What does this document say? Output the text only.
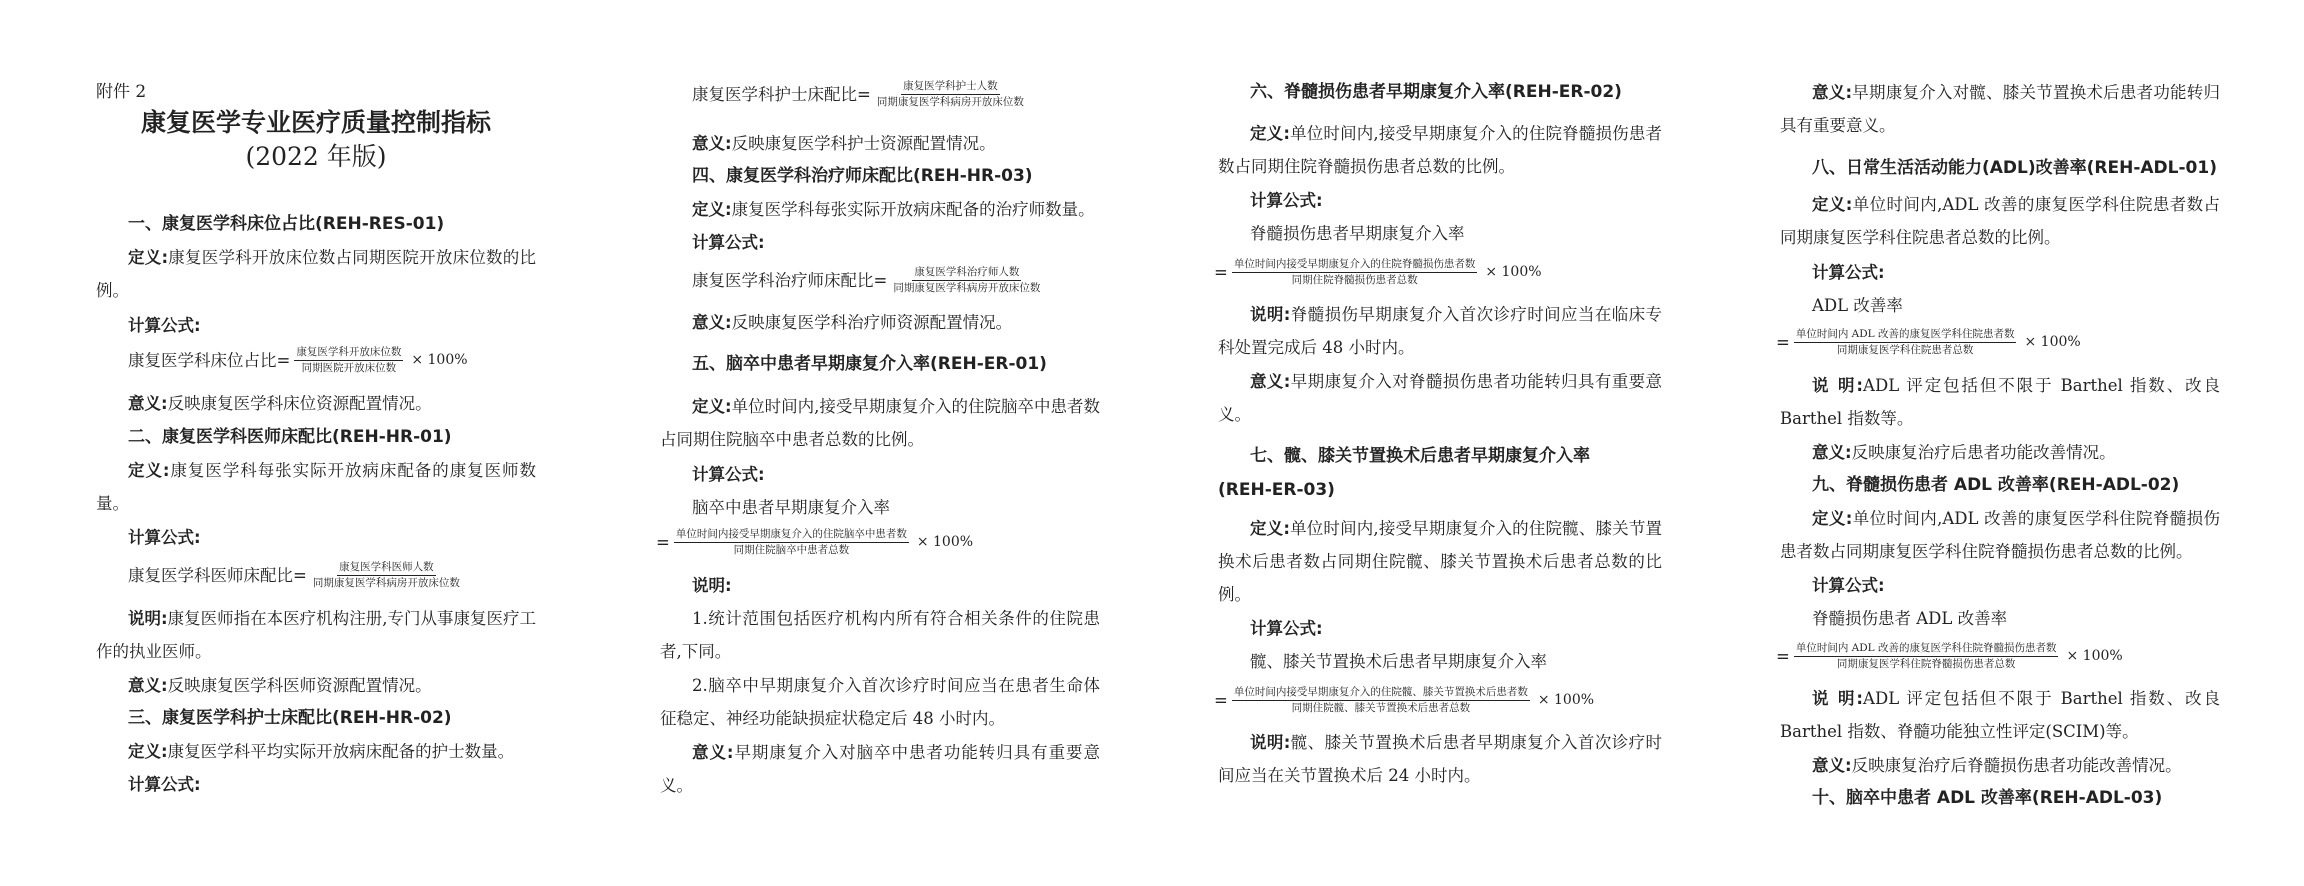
附件 2
康复医学专业医疗质量控制指标
(2022 年版)

一、康复医学科床位占比(REH-RES-01)

定义:康复医学科开放床位数占同期医院开放床位数的比例。

计算公式:

康复医学科床位占比= $\frac{\text{康复医学科开放床位数}}{\text{同期医院开放床位数}} \times 100\%$

意义:反映康复医学科床位资源配置情况。

二、康复医学科医师床配比(REH-HR-01)

定义:康复医学科每张实际开放病床配备的康复医师数量。

计算公式:

康复医学科医师床配比= $\frac{\text{康复医学科医师人数}}{\text{同期康复医学科病房开放床位数}}$

说明:康复医师指在本医疗机构注册,专门从事康复医疗工作的执业医师。

意义:反映康复医学科医师资源配置情况。

三、康复医学科护士床配比(REH-HR-02)

定义:康复医学科平均实际开放病床配备的护士数量。

计算公式:

康复医学科护士床配比= $\frac{\text{康复医学科护士人数}}{\text{同期康复医学科病房开放床位数}}$

意义:反映康复医学科护士资源配置情况。

四、康复医学科治疗师床配比(REH-HR-03)

定义:康复医学科每张实际开放病床配备的治疗师数量。

计算公式:

康复医学科治疗师床配比= $\frac{\text{康复医学科治疗师人数}}{\text{同期康复医学科病房开放床位数}}$

意义:反映康复医学科治疗师资源配置情况。

五、脑卒中患者早期康复介入率(REH-ER-01)

定义:单位时间内,接受早期康复介入的住院脑卒中患者数占同期住院脑卒中患者总数的比例。

计算公式:

脑卒中患者早期康复介入率

= $\frac{\text{单位时间内接受早期康复介入的住院脑卒中患者数}}{\text{同期住院脑卒中患者总数}} \times 100\%$

说明:

1.统计范围包括医疗机构内所有符合相关条件的住院患者,下同。

2.脑卒中早期康复介入首次诊疗时间应当在患者生命体征稳定、神经功能缺损症状稳定后 48 小时内。

意义:早期康复介入对脑卒中患者功能转归具有重要意义。

六、脊髓损伤患者早期康复介入率(REH-ER-02)

定义:单位时间内,接受早期康复介入的住院脊髓损伤患者数占同期住院脊髓损伤患者总数的比例。

计算公式:

脊髓损伤患者早期康复介入率

= $\frac{\text{单位时间内接受早期康复介入的住院脊髓损伤患者数}}{\text{同期住院脊髓损伤患者总数}} \times 100\%$

说明:脊髓损伤早期康复介入首次诊疗时间应当在临床专科处置完成后 48 小时内。

意义:早期康复介入对脊髓损伤患者功能转归具有重要意义。

七、髋、膝关节置换术后患者早期康复介入率

(REH-ER-03)

定义:单位时间内,接受早期康复介入的住院髋、膝关节置换术后患者数占同期住院髋、膝关节置换术后患者总数的比例。

计算公式:

髋、膝关节置换术后患者早期康复介入率

= $\frac{\text{单位时间内接受早期康复介入的住院髋、膝关节置换术后患者数}}{\text{同期住院髋、膝关节置换术后患者总数}} \times 100\%$

说明:髋、膝关节置换术后患者早期康复介入首次诊疗时间应当在关节置换术后 24 小时内。

意义:早期康复介入对髋、膝关节置换术后患者功能转归具有重要意义。

八、日常生活活动能力(ADL)改善率(REH-ADL-01)

定义:单位时间内,ADL 改善的康复医学科住院患者数占同期康复医学科住院患者总数的比例。

计算公式:

ADL 改善率

= $\frac{\text{单位时间内 ADL 改善的康复医学科住院患者数}}{\text{同期康复医学科住院患者总数}} \times 100\%$

说 明:ADL 评定包括但不限于 Barthel 指数、改良 Barthel 指数等。

意义:反映康复治疗后患者功能改善情况。

九、脊髓损伤患者 ADL 改善率(REH-ADL-02)

定义:单位时间内,ADL 改善的康复医学科住院脊髓损伤患者数占同期康复医学科住院脊髓损伤患者总数的比例。

计算公式:

脊髓损伤患者 ADL 改善率

= $\frac{\text{单位时间内 ADL 改善的康复医学科住院脊髓损伤患者数}}{\text{同期康复医学科住院脊髓损伤患者总数}} \times 100\%$

说 明:ADL 评定包括但不限于 Barthel 指数、改良 Barthel 指数、脊髓功能独立性评定(SCIM)等。

意义:反映康复治疗后脊髓损伤患者功能改善情况。

十、脑卒中患者 ADL 改善率(REH-ADL-03)
